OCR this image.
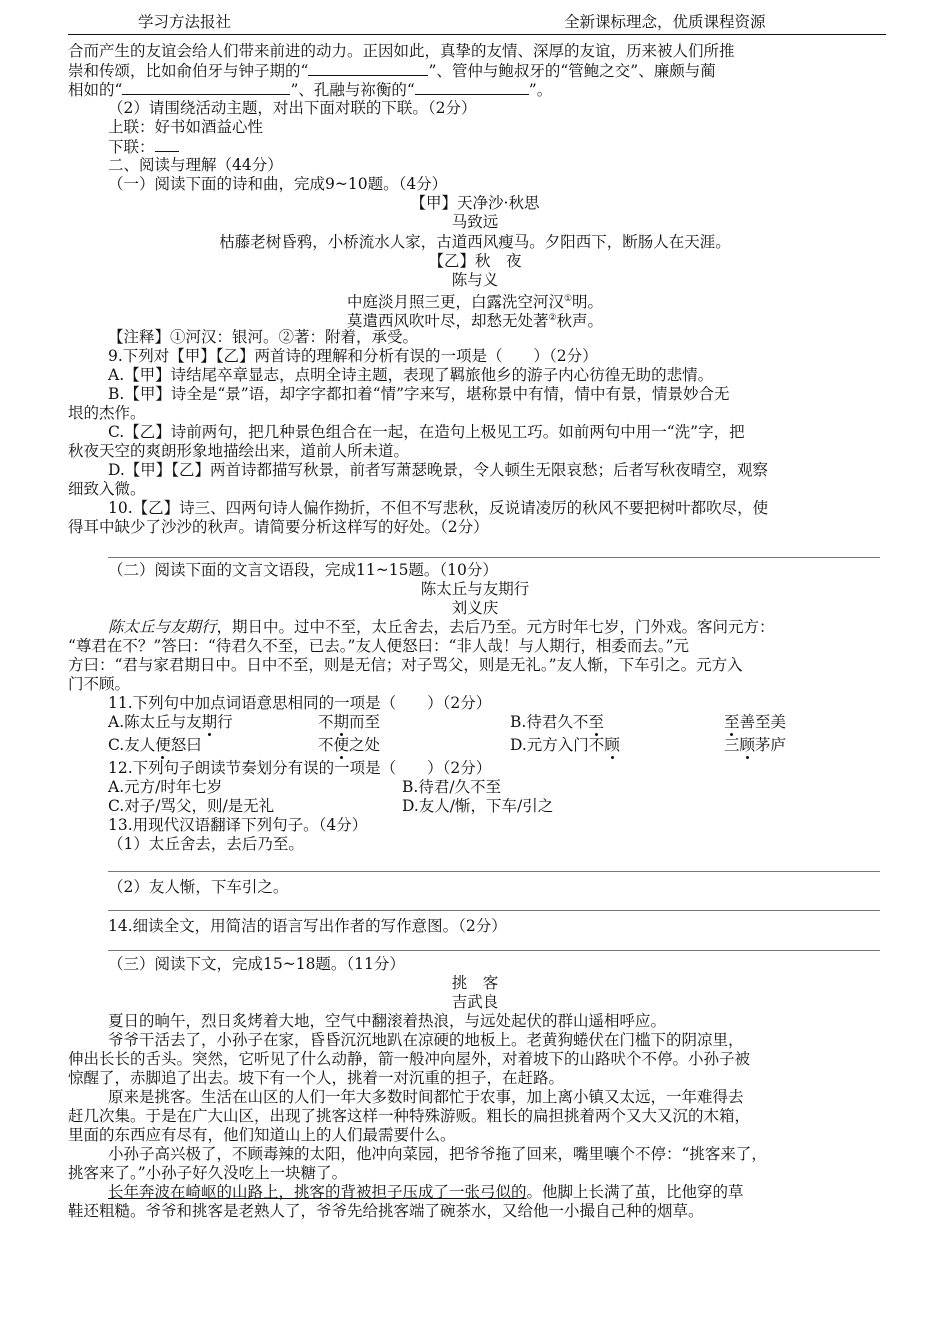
学习方法报社	全新课标理念，优质课程资源
合而产生的友谊会给人们带来前进的动力。正因如此，真挚的友情、深厚的友谊，历来被人们所推
崇和传颂，比如俞伯牙与钟子期的“	”、管仲与鲍叔牙的“管鲍之交”、廉颇与蔺
相如的“	”、孔融与祢衡的“	”。
（2）请围绕活动主题，对出下面对联的下联。（2分）
上联：好书如酒益心性
下联：
二、阅读与理解（44分）
（一）阅读下面的诗和曲，完成9~10题。（4分）
【甲】天净沙·秋思
马致远
枯藤老树昏鸦，小桥流水人家，古道西风瘦马。夕阳西下，断肠人在天涯。
【乙】秋　夜
陈与义
中庭淡月照三更，白露洗空河汉①明。
莫遣西风吹叶尽，却愁无处著②秋声。
【注释】①河汉：银河。②著：附着，承受。
9.下列对【甲】【乙】两首诗的理解和分析有误的一项是（　　）（2分）
A.【甲】诗结尾卒章显志，点明全诗主题，表现了羁旅他乡的游子内心彷徨无助的悲情。
B.【甲】诗全是“景”语，却字字都扣着“情”字来写，堪称景中有情，情中有景，情景妙合无
垠的杰作。
C.【乙】诗前两句，把几种景色组合在一起，在造句上极见工巧。如前两句中用一“洗”字，把
秋夜天空的爽朗形象地描绘出来，道前人所未道。
D.【甲】【乙】两首诗都描写秋景，前者写萧瑟晚景，令人顿生无限哀愁；后者写秋夜晴空，观察
细致入微。
10.【乙】诗三、四两句诗人偏作拗折，不但不写悲秋，反说请凌厉的秋风不要把树叶都吹尽，使
得耳中缺少了沙沙的秋声。请简要分析这样写的好处。（2分）
（二）阅读下面的文言文语段，完成11~15题。（10分）
陈太丘与友期行
刘义庆
陈太丘与友期行，期日中。过中不至，太丘舍去，去后乃至。元方时年七岁，门外戏。客问元方：
“尊君在不？”答曰：“待君久不至，已去。”友人便怒曰：“非人哉！与人期行，相委而去。”元
方曰：“君与家君期日中。日中不至，则是无信；对子骂父，则是无礼。”友人惭，下车引之。元方入
门不顾。
11.下列句中加点词语意思相同的一项是（　　）（2分）
A.陈太丘与友期行	不期而至	B.待君久不至	至善至美
C.友人便怒曰	不便之处	D.元方入门不顾	三顾茅庐
12.下列句子朗读节奏划分有误的一项是（　　）（2分）
A.元方/时年七岁	B.待君/久不至
C.对子/骂父，则/是无礼	D.友人/惭，下车/引之
13.用现代汉语翻译下列句子。（4分）
（1）太丘舍去，去后乃至。
（2）友人惭，下车引之。
14.细读全文，用简洁的语言写出作者的写作意图。（2分）
（三）阅读下文，完成15~18题。（11分）
挑　客
吉武良
夏日的晌午，烈日炙烤着大地，空气中翻滚着热浪，与远处起伏的群山遥相呼应。
爷爷干活去了，小孙子在家，昏昏沉沉地趴在凉硬的地板上。老黄狗蜷伏在门槛下的阴凉里，
伸出长长的舌头。突然，它听见了什么动静，箭一般冲向屋外，对着坡下的山路吠个不停。小孙子被
惊醒了，赤脚追了出去。坡下有一个人，挑着一对沉重的担子，在赶路。
原来是挑客。生活在山区的人们一年大多数时间都忙于农事，加上离小镇又太远，一年难得去
赶几次集。于是在广大山区，出现了挑客这样一种特殊游贩。粗长的扁担挑着两个又大又沉的木箱，
里面的东西应有尽有，他们知道山上的人们最需要什么。
小孙子高兴极了，不顾毒辣的太阳，他冲向菜园，把爷爷拖了回来，嘴里嚷个不停：“挑客来了，
挑客来了。”小孙子好久没吃上一块糖了。
长年奔波在崎岖的山路上，挑客的背被担子压成了一张弓似的。他脚上长满了茧，比他穿的草
鞋还粗糙。爷爷和挑客是老熟人了，爷爷先给挑客端了碗茶水，又给他一小撮自己种的烟草。
